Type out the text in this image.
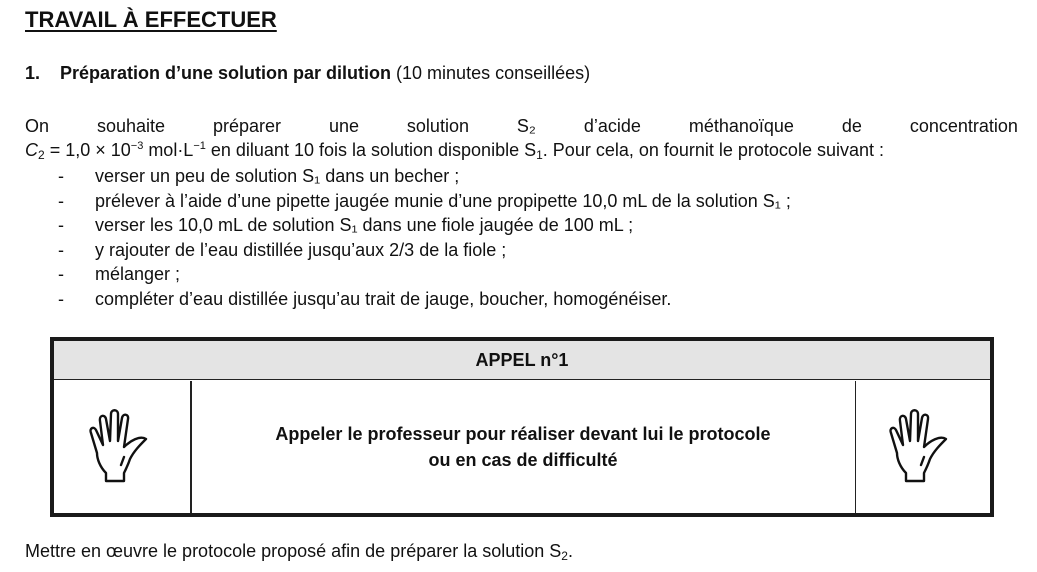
TRAVAIL À EFFECTUER
1. Préparation d’une solution par dilution (10 minutes conseillées)
On	souhaite	préparer	une	solution	S₂	d’acide	méthanoïque	de	concentration
$C_2 = 1,0 \times 10^{-3}$ $mol\cdot L^{-1}$ en diluant 10 fois la solution disponible $S_1$. Pour cela, on fournit le protocole suivant :
- verser un peu de solution S₁ dans un becher ;
- prélever à l’aide d’une pipette jaugée munie d’une propipette 10,0 mL de la solution S₁ ;
- verser les 10,0 mL de solution S₁ dans une fiole jaugée de 100 mL ;
- y rajouter de l’eau distillée jusqu’aux 2/3 de la fiole ;
- mélanger ;
- compléter d’eau distillée jusqu’au trait de jauge, boucher, homogénéiser.
APPEL n°1
Appeler le professeur pour réaliser devant lui le protocole
ou en cas de difficulté
Mettre en œuvre le protocole proposé afin de préparer la solution $S_2$.
